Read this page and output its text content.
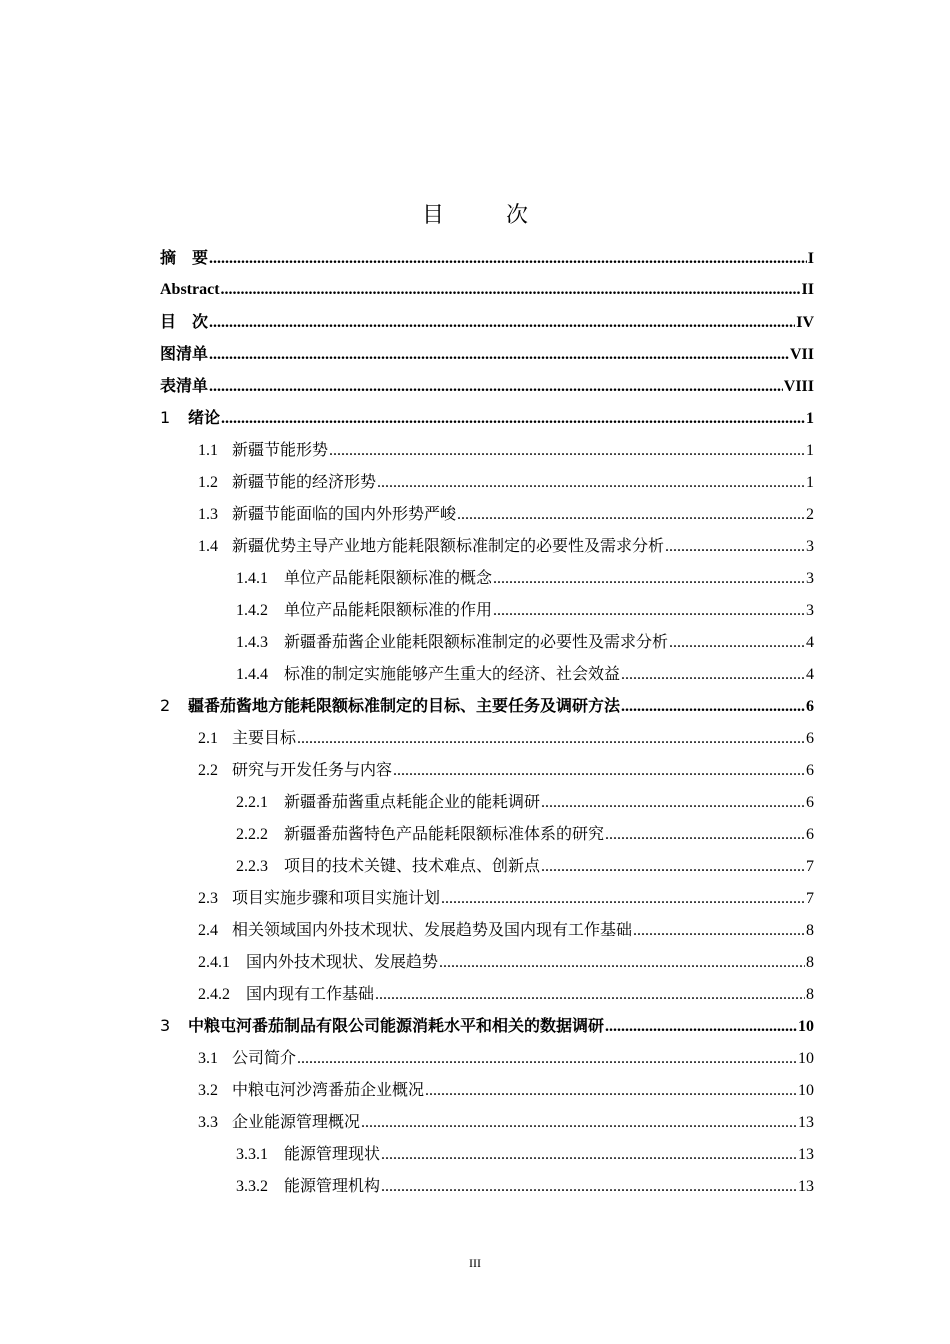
目　次
摘　要 .....	I
Abstract .....	II
目　次 .....	IV
图清单 .....	VII
表清单 .....	VIII
1	绪论 .....	1
1.1 新疆节能形势 .....	1
1.2 新疆节能的经济形势 .....	1
1.3 新疆节能面临的国内外形势严峻 .....	2
1.4 新疆优势主导产业地方能耗限额标准制定的必要性及需求分析 .....	3
1.4.1	单位产品能耗限额标准的概念 .....	3
1.4.2	单位产品能耗限额标准的作用 .....	3
1.4.3	新疆番茄酱企业能耗限额标准制定的必要性及需求分析 .....	4
1.4.4	标准的制定实施能够产生重大的经济、社会效益 .....	4
2	疆番茄酱地方能耗限额标准制定的目标、主要任务及调研方法 .....	6
2.1 主要目标 .....	6
2.2 研究与开发任务与内容 .....	6
2.2.1	新疆番茄酱重点耗能企业的能耗调研 .....	6
2.2.2	新疆番茄酱特色产品能耗限额标准体系的研究 .....	6
2.2.3	项目的技术关键、技术难点、创新点 .....	7
2.3 项目实施步骤和项目实施计划 .....	7
2.4 相关领域国内外技术现状、发展趋势及国内现有工作基础 .....	8
2.4.1	国内外技术现状、发展趋势 .....	8
2.4.2	国内现有工作基础 .....	8
3	中粮屯河番茄制品有限公司能源消耗水平和相关的数据调研 .....	10
3.1 公司简介 .....	10
3.2 中粮屯河沙湾番茄企业概况 .....	10
3.3 企业能源管理概况 .....	13
3.3.1	能源管理现状 .....	13
3.3.2	能源管理机构 .....	13

III
